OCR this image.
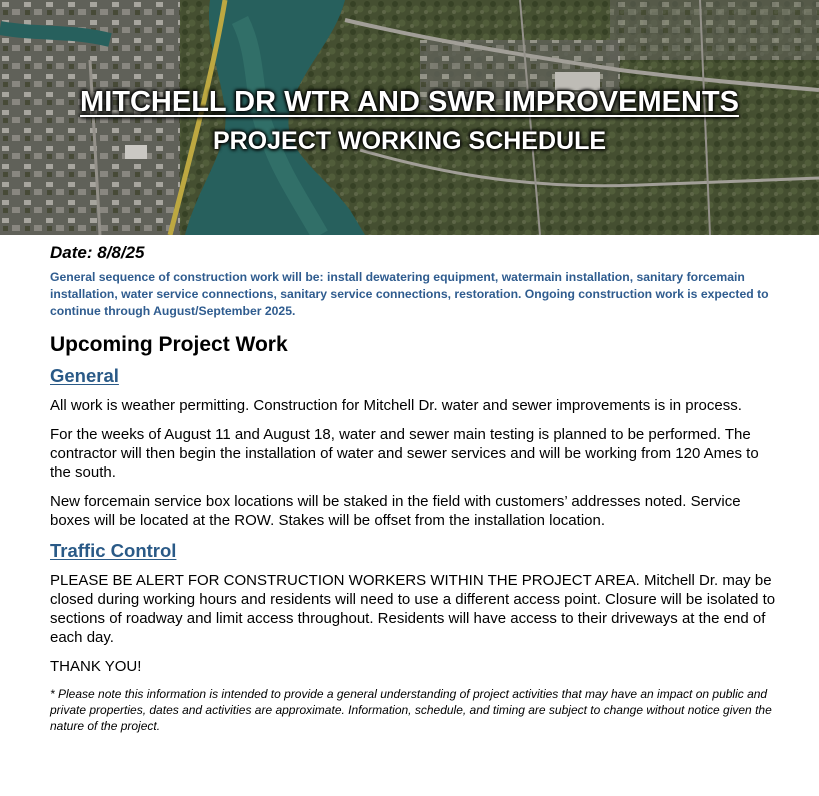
MITCHELL DR WTR AND SWR IMPROVEMENTS
PROJECT WORKING SCHEDULE

Date: 8/8/25

General sequence of construction work will be: install dewatering equipment, watermain installation, sanitary forcemain installation, water service connections, sanitary service connections, restoration. Ongoing construction work is expected to continue through August/September 2025.

Upcoming Project Work

General

All work is weather permitting. Construction for Mitchell Dr. water and sewer improvements is in process.

For the weeks of August 11 and August 18, water and sewer main testing is planned to be performed. The contractor will then begin the installation of water and sewer services and will be working from 120 Ames to the south.

New forcemain service box locations will be staked in the field with customers’ addresses noted. Service boxes will be located at the ROW. Stakes will be offset from the installation location.

Traffic Control

PLEASE BE ALERT FOR CONSTRUCTION WORKERS WITHIN THE PROJECT AREA. Mitchell Dr. may be closed during working hours and residents will need to use a different access point. Closure will be isolated to sections of roadway and limit access throughout. Residents will have access to their driveways at the end of each day.

THANK YOU!

* Please note this information is intended to provide a general understanding of project activities that may have an impact on public and private properties, dates and activities are approximate. Information, schedule, and timing are subject to change without notice given the nature of the project.
